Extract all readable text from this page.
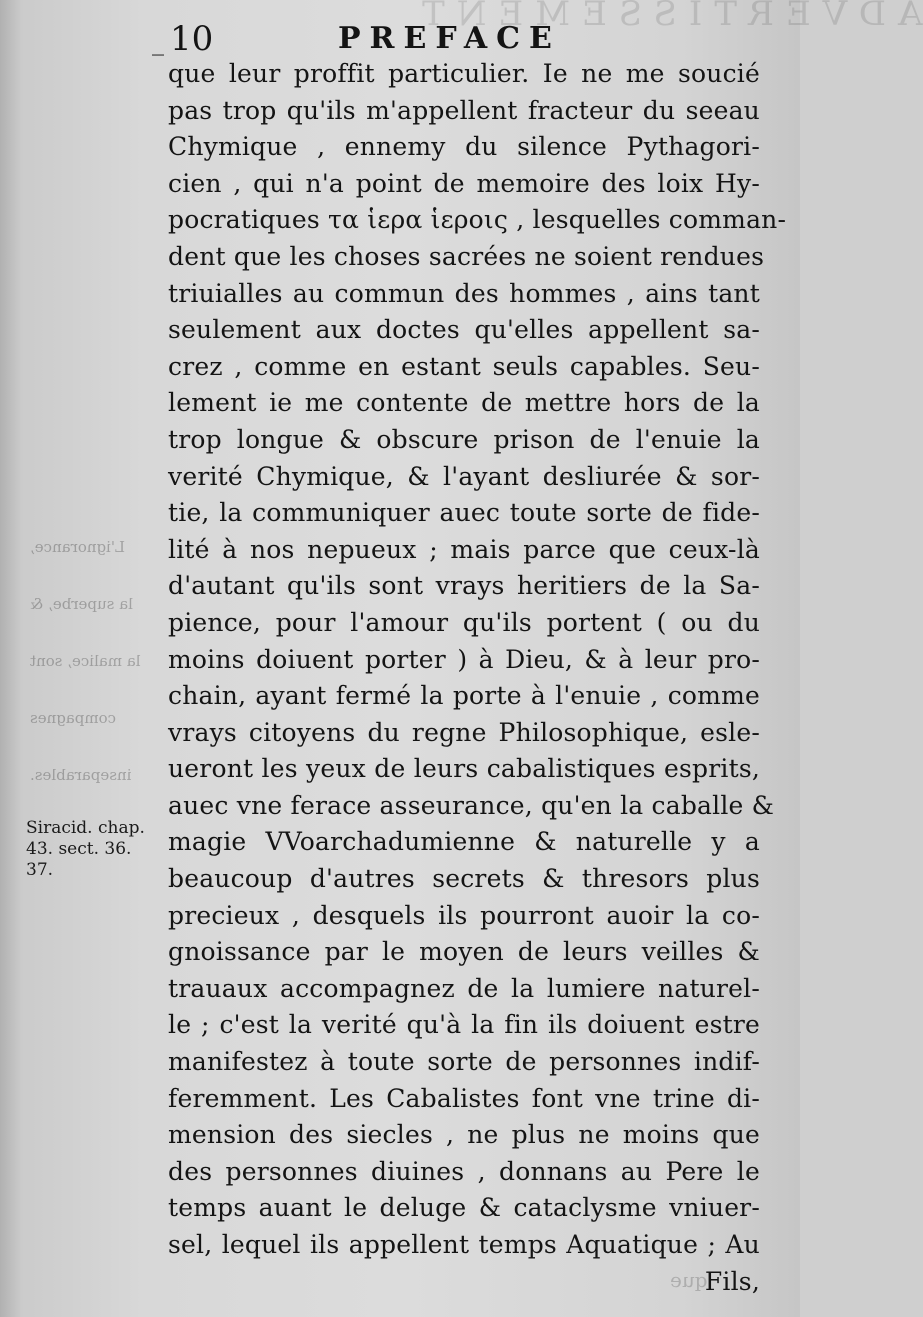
ADVERTISSEMENT

L'ignorance,

la superbe, &

la malice, sont

compagnes

inseparables.

_ 10	PREFACE
que leur proffit particulier. Ie ne me soucié
pas trop qu'ils m'appellent fracteur du seeau
Chymique , ennemy du silence Pythagori-
cien , qui n'a point de memoire des loix Hy-
pocratiques τα ἱερα ἱεροις , lesquelles comman-
dent que les choses sacrées ne soient rendues
triuialles au commun des hommes , ains tant
seulement aux doctes qu'elles appellent sa-
crez , comme en estant seuls capables. Seu-
lement ie me contente de mettre hors de la
trop longue & obscure prison de l'enuie la
verité Chymique, & l'ayant desliurée & sor-
tie, la communiquer auec toute sorte de fide-
lité à nos nepueux ; mais parce que ceux-là
d'autant qu'ils sont vrays heritiers de la Sa-
pience, pour l'amour qu'ils portent ( ou du
moins doiuent porter ) à Dieu, & à leur pro-
chain, ayant fermé la porte à l'enuie , comme
vrays citoyens du regne Philosophique, esle-
ueront les yeux de leurs cabalistiques esprits,
auec vne ferace asseurance, qu'en la caballe &
magie VVoarchadumienne & naturelle y a
beaucoup d'autres secrets & thresors plus
precieux , desquels ils pourront auoir la co-
gnoissance par le moyen de leurs veilles &
trauaux accompagnez de la lumiere naturel-
le ; c'est la verité qu'à la fin ils doiuent estre
manifestez à toute sorte de personnes indif-
feremment. Les Cabalistes font vne trine di-
mension des siecles , ne plus ne moins que
des personnes diuines , donnans au Pere le
temps auant le deluge & cataclysme vniuer-
sel, lequel ils appellent temps Aquatique ; Au
Fils,
Siracid. chap.
43. sect. 36.
37.
que
